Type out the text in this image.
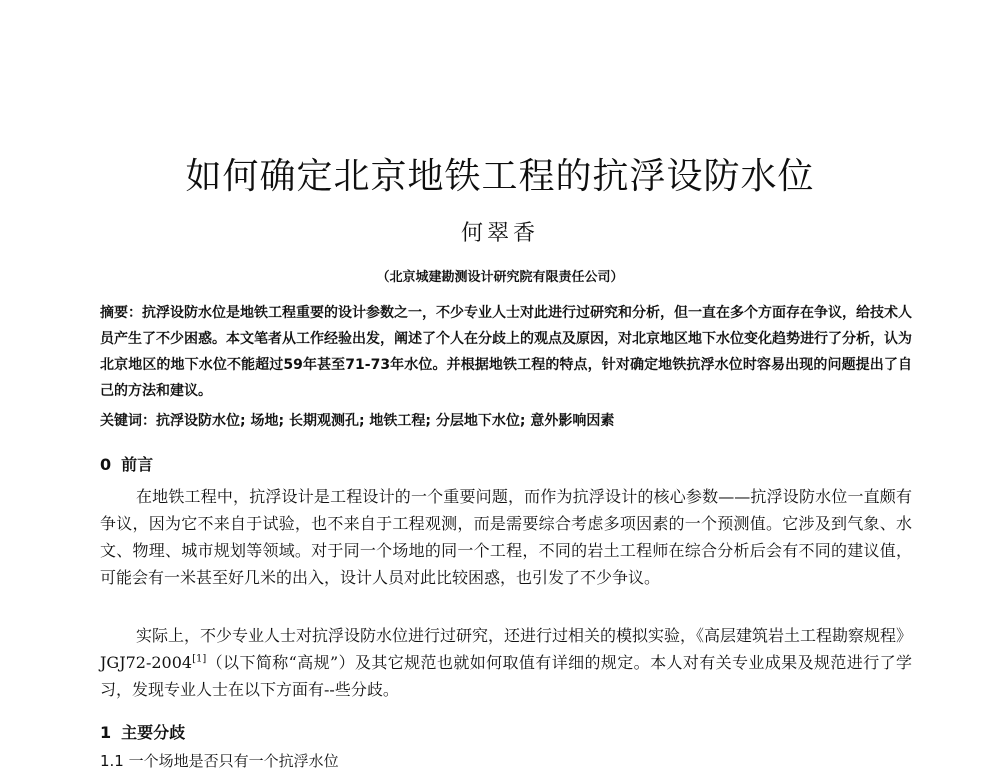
如何确定北京地铁工程的抗浮设防水位
何翠香
（北京城建勘测设计研究院有限责任公司）
摘要：抗浮设防水位是地铁工程重要的设计参数之一，不少专业人士对此进行过研究和分析，但一直在多个方面存在争议，给技术人员产生了不少困惑。本文笔者从工作经验出发，阐述了个人在分歧上的观点及原因，对北京地区地下水位变化趋势进行了分析，认为北京地区的地下水位不能超过59年甚至71-73年水位。并根据地铁工程的特点，针对确定地铁抗浮水位时容易出现的问题提出了自己的方法和建议。
关键词：抗浮设防水位; 场地; 长期观测孔; 地铁工程; 分层地下水位; 意外影响因素
0 前言
在地铁工程中，抗浮设计是工程设计的一个重要问题，而作为抗浮设计的核心参数——抗浮设防水位一直颇有争议，因为它不来自于试验，也不来自于工程观测，而是需要综合考虑多项因素的一个预测值。它涉及到气象、水文、物理、城市规划等领域。对于同一个场地的同一个工程，不同的岩土工程师在综合分析后会有不同的建议值，可能会有一米甚至好几米的出入，设计人员对此比较困惑，也引发了不少争议。
实际上，不少专业人士对抗浮设防水位进行过研究，还进行过相关的模拟实验，《高层建筑岩土工程勘察规程》JGJ72-2004[1]（以下简称“高规”）及其它规范也就如何取值有详细的规定。本人对有关专业成果及规范进行了学习，发现专业人士在以下方面有-‐些分歧。
1 主要分歧
1.1 一个场地是否只有一个抗浮水位
